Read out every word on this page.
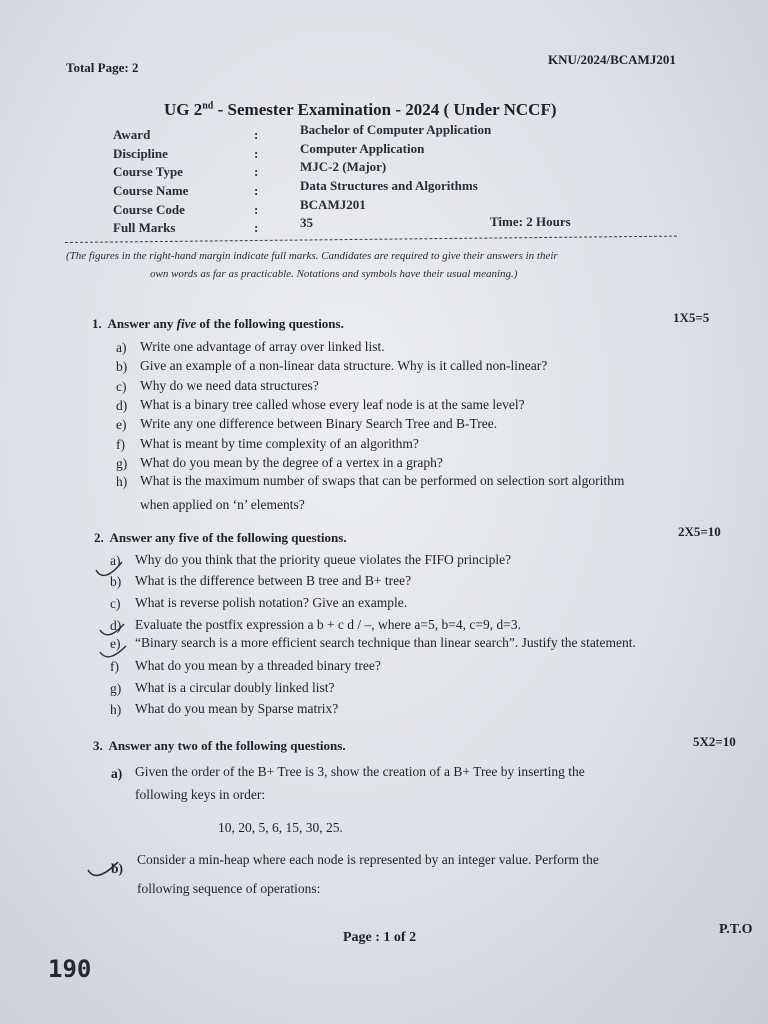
Total Page: 2
KNU/2024/BCAMJ201
UG 2nd - Semester Examination - 2024 ( Under NCCF)
Award	:	Bachelor of Computer Application
Discipline	:	Computer Application
Course Type	:	MJC-2 (Major)
Course Name	:	Data Structures and Algorithms
Course Code	:	BCAMJ201
Full Marks	:	35	Time: 2 Hours
(The figures in the right-hand margin indicate full marks. Candidates are required to give their answers in their
own words as far as practicable. Notations and symbols have their usual meaning.)
1. Answer any five of the following questions.	1X5=5
a) Write one advantage of array over linked list.
b) Give an example of a non-linear data structure. Why is it called non-linear?
c) Why do we need data structures?
d) What is a binary tree called whose every leaf node is at the same level?
e) Write any one difference between Binary Search Tree and B-Tree.
f) What is meant by time complexity of an algorithm?
g) What do you mean by the degree of a vertex in a graph?
h) What is the maximum number of swaps that can be performed on selection sort algorithm
when applied on ‘n’ elements?
2. Answer any five of the following questions.	2X5=10
a) Why do you think that the priority queue violates the FIFO principle?
b) What is the difference between B tree and B+ tree?
c) What is reverse polish notation? Give an example.
d) Evaluate the postfix expression a b + c d / –, where a=5, b=4, c=9, d=3.
e) “Binary search is a more efficient search technique than linear search”. Justify the statement.
f) What do you mean by a threaded binary tree?
g) What is a circular doubly linked list?
h) What do you mean by Sparse matrix?
3. Answer any two of the following questions.	5X2=10
a) Given the order of the B+ Tree is 3, show the creation of a B+ Tree by inserting the
following keys in order:
10, 20, 5, 6, 15, 30, 25.
b)
Consider a min-heap where each node is represented by an integer value. Perform the
following sequence of operations:
Page : 1 of 2
P.T.O
190
